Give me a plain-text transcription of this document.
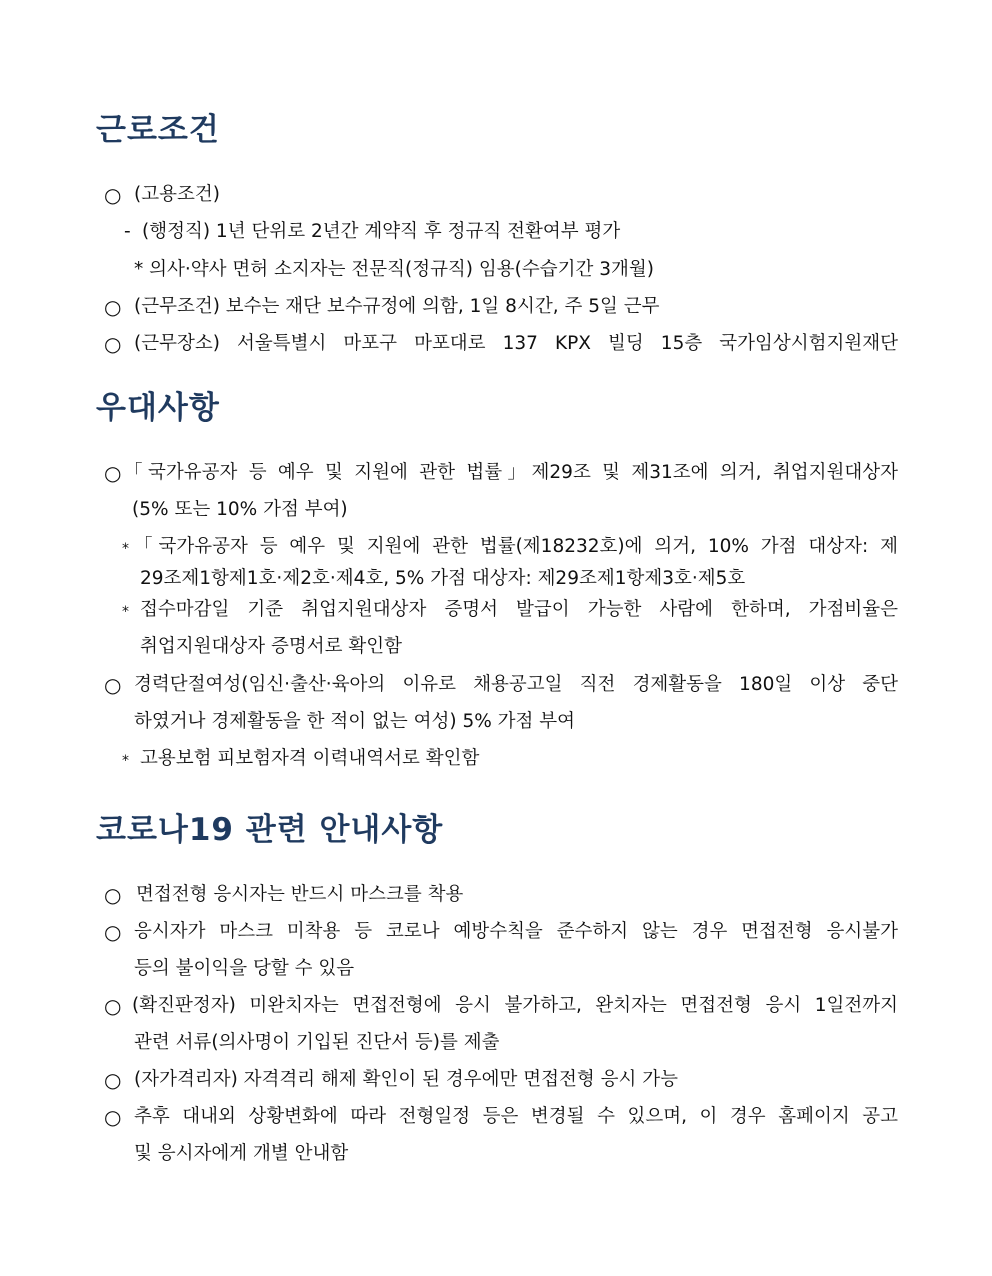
근로조건
○ (고용조건)
- (행정직) 1년 단위로 2년간 계약직 후 정규직 전환여부 평가
* 의사·약사 면허 소지자는 전문직(정규직) 임용(수습기간 3개월)
○ (근무조건) 보수는 재단 보수규정에 의함, 1일 8시간, 주 5일 근무
○ (근무장소) 서울특별시 마포구 마포대로 137 KPX 빌딩 15층 국가임상시험지원재단
우대사항
○ 「국가유공자 등 예우 및 지원에 관한 법률」제29조 및 제31조에 의거, 취업지원대상자
(5% 또는 10% 가점 부여)
* 「국가유공자 등 예우 및 지원에 관한 법률(제18232호)에 의거, 10% 가점 대상자: 제
29조제1항제1호·제2호·제4호, 5% 가점 대상자: 제29조제1항제3호·제5호
* 접수마감일 기준 취업지원대상자 증명서 발급이 가능한 사람에 한하며, 가점비율은
취업지원대상자 증명서로 확인함
○ 경력단절여성(임신·출산·육아의 이유로 채용공고일 직전 경제활동을 180일 이상 중단
하였거나 경제활동을 한 적이 없는 여성) 5% 가점 부여
* 고용보험 피보험자격 이력내역서로 확인함
코로나19 관련 안내사항
○ 면접전형 응시자는 반드시 마스크를 착용
○ 응시자가 마스크 미착용 등 코로나 예방수칙을 준수하지 않는 경우 면접전형 응시불가
등의 불이익을 당할 수 있음
○ (확진판정자) 미완치자는 면접전형에 응시 불가하고, 완치자는 면접전형 응시 1일전까지
관련 서류(의사명이 기입된 진단서 등)를 제출
○ (자가격리자) 자격격리 해제 확인이 된 경우에만 면접전형 응시 가능
○ 추후 대내외 상황변화에 따라 전형일정 등은 변경될 수 있으며, 이 경우 홈페이지 공고
및 응시자에게 개별 안내함
